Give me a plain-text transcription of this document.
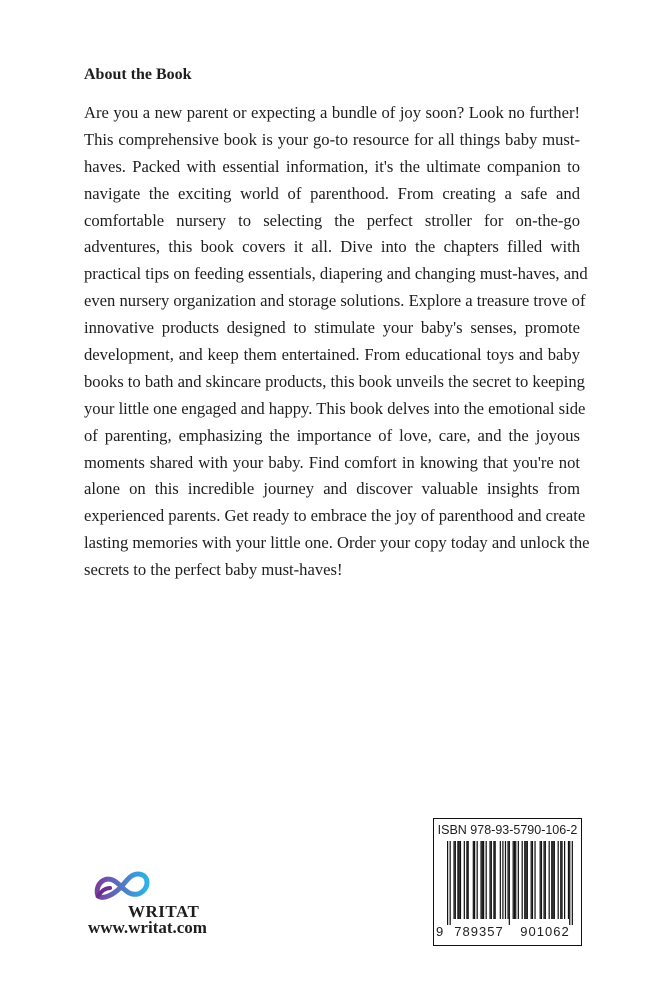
About the Book
Are you a new parent or expecting a bundle of joy soon? Look no further!
This comprehensive book is your go-to resource for all things baby must-
haves. Packed with essential information, it's the ultimate companion to
navigate the exciting world of parenthood. From creating a safe and
comfortable nursery to selecting the perfect stroller for on-the-go
adventures, this book covers it all. Dive into the chapters filled with
practical tips on feeding essentials, diapering and changing must-haves, and
even nursery organization and storage solutions. Explore a treasure trove of
innovative products designed to stimulate your baby's senses, promote
development, and keep them entertained. From educational toys and baby
books to bath and skincare products, this book unveils the secret to keeping
your little one engaged and happy. This book delves into the emotional side
of parenting, emphasizing the importance of love, care, and the joyous
moments shared with your baby. Find comfort in knowing that you're not
alone on this incredible journey and discover valuable insights from
experienced parents. Get ready to embrace the joy of parenthood and create
lasting memories with your little one. Order your copy today and unlock the
secrets to the perfect baby must-haves!
WRITAT
www.writat.com
ISBN 978-93-5790-106-2
9 789357	901062
